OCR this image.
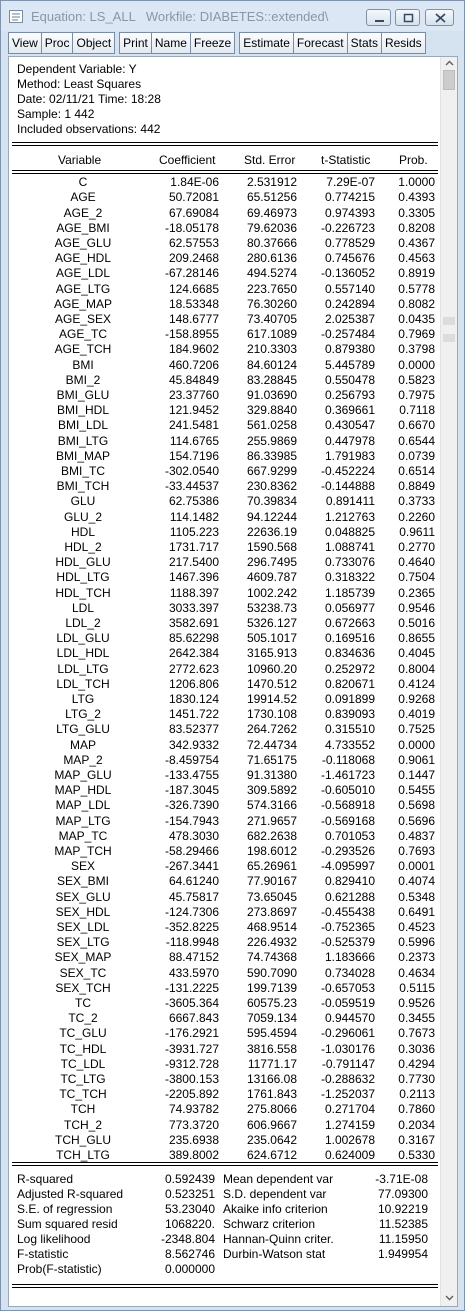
Equation: LS_ALL Workfile: DIABETES::extended\
View Proc Object	Print Name Freeze	Estimate Forecast Stats Resids
Dependent Variable: Y
Method: Least Squares
Date: 02/11/21 Time: 18:28
Sample: 1 442
Included observations: 442
Variable	Coefficient Std. Error t-Statistic Prob.
C	1.84E-06	2.531912	7.29E-07	1.0000
AGE	50.72081	65.51256	0.774215	0.4393
AGE_2	67.69084	69.46973	0.974393	0.3305
AGE_BMI	-18.05178	79.62036	-0.226723	0.8208
AGE_GLU	62.57553	80.37666	0.778529	0.4367
AGE_HDL	209.2468	280.6136	0.745676	0.4563
AGE_LDL	-67.28146	494.5274	-0.136052	0.8919
AGE_LTG	124.6685	223.7650	0.557140	0.5778
AGE_MAP	18.53348	76.30260	0.242894	0.8082
AGE_SEX	148.6777	73.40705	2.025387	0.0435
AGE_TC	-158.8955	617.1089	-0.257484	0.7969
AGE_TCH	184.9602	210.3303	0.879380	0.3798
BMI	460.7206	84.60124	5.445789	0.0000
BMI_2	45.84849	83.28845	0.550478	0.5823
BMI_GLU	23.37760	91.03690	0.256793	0.7975
BMI_HDL	121.9452	329.8840	0.369661	0.7118
BMI_LDL	241.5481	561.0258	0.430547	0.6670
BMI_LTG	114.6765	255.9869	0.447978	0.6544
BMI_MAP	154.7196	86.33985	1.791983	0.0739
BMI_TC	-302.0540	667.9299	-0.452224	0.6514
BMI_TCH	-33.44537	230.8362	-0.144888	0.8849
GLU	62.75386	70.39834	0.891411	0.3733
GLU_2	114.1482	94.12244	1.212763	0.2260
HDL	1105.223	22636.19	0.048825	0.9611
HDL_2	1731.717	1590.568	1.088741	0.2770
HDL_GLU	217.5400	296.7495	0.733076	0.4640
HDL_LTG	1467.396	4609.787	0.318322	0.7504
HDL_TCH	1188.397	1002.242	1.185739	0.2365
LDL	3033.397	53238.73	0.056977	0.9546
LDL_2	3582.691	5326.127	0.672663	0.5016
LDL_GLU	85.62298	505.1017	0.169516	0.8655
LDL_HDL	2642.384	3165.913	0.834636	0.4045
LDL_LTG	2772.623	10960.20	0.252972	0.8004
LDL_TCH	1206.806	1470.512	0.820671	0.4124
LTG	1830.124	19914.52	0.091899	0.9268
LTG_2	1451.722	1730.108	0.839093	0.4019
LTG_GLU	83.52377	264.7262	0.315510	0.7525
MAP	342.9332	72.44734	4.733552	0.0000
MAP_2	-8.459754	71.65175	-0.118068	0.9061
MAP_GLU	-133.4755	91.31380	-1.461723	0.1447
MAP_HDL	-187.3045	309.5892	-0.605010	0.5455
MAP_LDL	-326.7390	574.3166	-0.568918	0.5698
MAP_LTG	-154.7943	271.9657	-0.569168	0.5696
MAP_TC	478.3030	682.2638	0.701053	0.4837
MAP_TCH	-58.29466	198.6012	-0.293526	0.7693
SEX	-267.3441	65.26961	-4.095997	0.0001
SEX_BMI	64.61240	77.90167	0.829410	0.4074
SEX_GLU	45.75817	73.65045	0.621288	0.5348
SEX_HDL	-124.7306	273.8697	-0.455438	0.6491
SEX_LDL	-352.8225	468.9514	-0.752365	0.4523
SEX_LTG	-118.9948	226.4932	-0.525379	0.5996
SEX_MAP	88.47152	74.74368	1.183666	0.2373
SEX_TC	433.5970	590.7090	0.734028	0.4634
SEX_TCH	-131.2225	199.7139	-0.657053	0.5115
TC	-3605.364	60575.23	-0.059519	0.9526
TC_2	6667.843	7059.134	0.944570	0.3455
TC_GLU	-176.2921	595.4594	-0.296061	0.7673
TC_HDL	-3931.727	3816.558	-1.030176	0.3036
TC_LDL	-9312.728	11771.17	-0.791147	0.4294
TC_LTG	-3800.153	13166.08	-0.288632	0.7730
TC_TCH	-2205.892	1761.843	-1.252037	0.2113
TCH	74.93782	275.8066	0.271704	0.7860
TCH_2	773.3720	606.9667	1.274159	0.2034
TCH_GLU	235.6938	235.0642	1.002678	0.3167
TCH_LTG	389.8002	624.6712	0.624009	0.5330
R-squared	0.592439		Mean dependent var	-3.71E-08
Adjusted R-squared	0.523251		S.D. dependent var	77.09300
S.E. of regression	53.23040		Akaike info criterion	10.92219
Sum squared resid	1068220.		Schwarz criterion	11.52385
Log likelihood	-2348.804		Hannan-Quinn criter.	11.15950
F-statistic	8.562746		Durbin-Watson stat	1.949954
Prob(F-statistic)	0.000000			
